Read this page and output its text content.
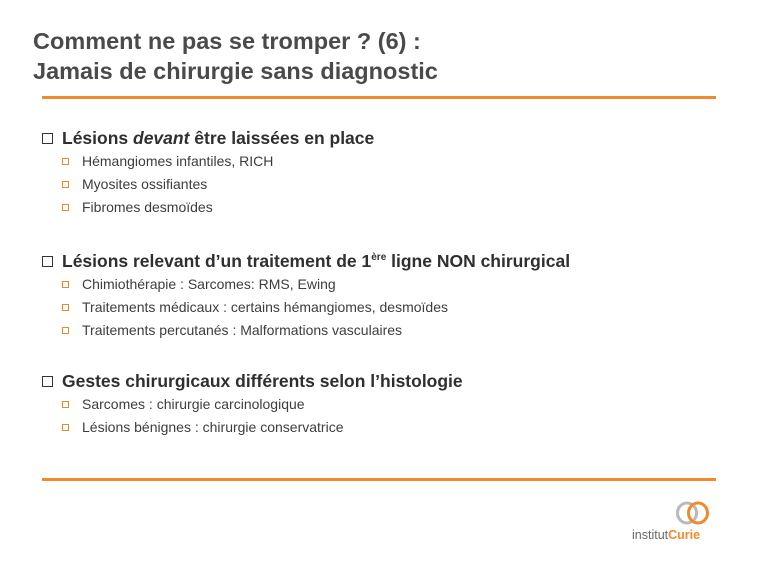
Comment ne pas se tromper ? (6) :
Jamais de chirurgie sans diagnostic
Lésions devant être laissées en place
Hémangiomes infantiles, RICH
Myosites ossifiantes
Fibromes desmoïdes
Lésions relevant d’un traitement de 1ère ligne NON chirurgical
Chimiothérapie : Sarcomes: RMS, Ewing
Traitements médicaux : certains hémangiomes, desmoïdes
Traitements percutanés : Malformations vasculaires
Gestes chirurgicaux différents selon l’histologie
Sarcomes : chirurgie carcinologique
Lésions bénignes : chirurgie conservatrice
institutCurie
